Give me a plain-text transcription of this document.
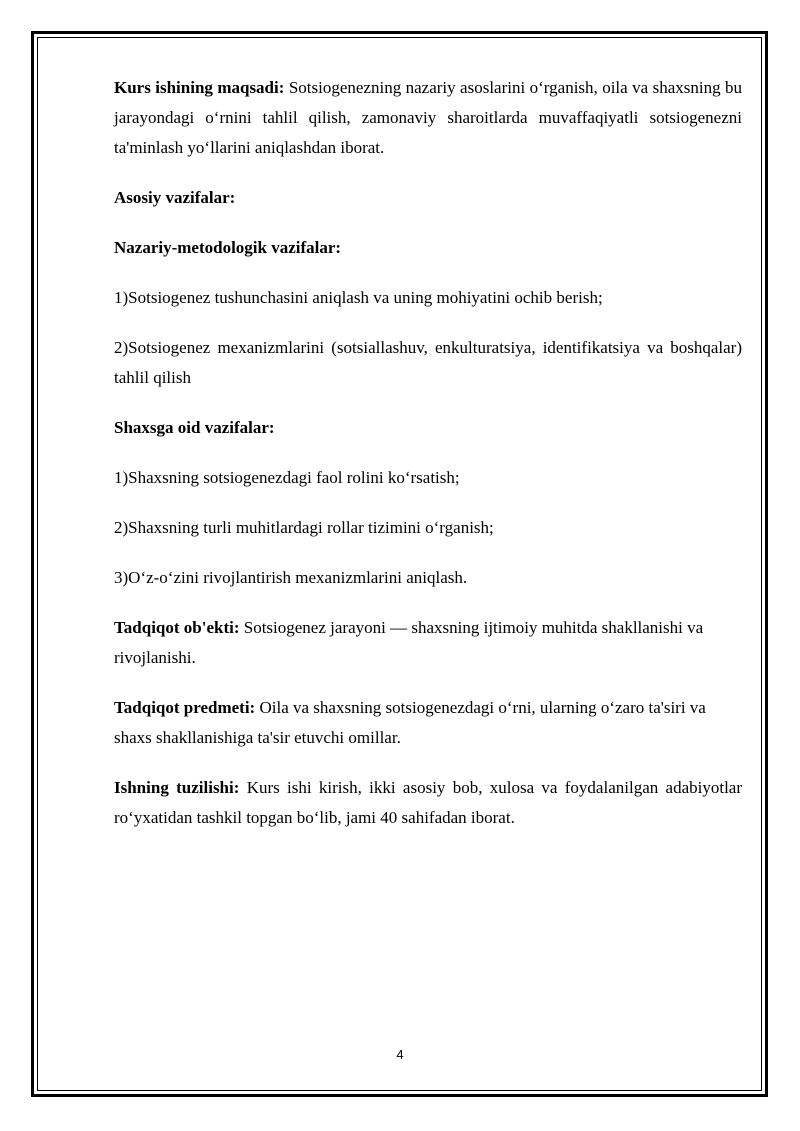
Kurs ishining maqsadi: Sotsiogenezning nazariy asoslarini o‘rganish, oila va shaxsning bu jarayondagi o‘rnini tahlil qilish, zamonaviy sharoitlarda muvaffaqiyatli sotsiogenezni ta'minlash yo‘llarini aniqlashdan iborat.

Asosiy vazifalar:

Nazariy-metodologik vazifalar:

1)Sotsiogenez tushunchasini aniqlash va uning mohiyatini ochib berish;

2)Sotsiogenez mexanizmlarini (sotsiallashuv, enkulturatsiya, identifikatsiya va boshqalar) tahlil qilish

Shaxsga oid vazifalar:

1)Shaxsning sotsiogenezdagi faol rolini ko‘rsatish;

2)Shaxsning turli muhitlardagi rollar tizimini o‘rganish;

3)O‘z-o‘zini rivojlantirish mexanizmlarini aniqlash.

Tadqiqot ob'ekti: Sotsiogenez jarayoni — shaxsning ijtimoiy muhitda shakllanishi va rivojlanishi.

Tadqiqot predmeti: Oila va shaxsning sotsiogenezdagi o‘rni, ularning o‘zaro ta'siri va shaxs shakllanishiga ta'sir etuvchi omillar.

Ishning tuzilishi: Kurs ishi kirish, ikki asosiy bob, xulosa va foydalanilgan adabiyotlar ro‘yxatidan tashkil topgan bo‘lib, jami 40 sahifadan iborat.

4
